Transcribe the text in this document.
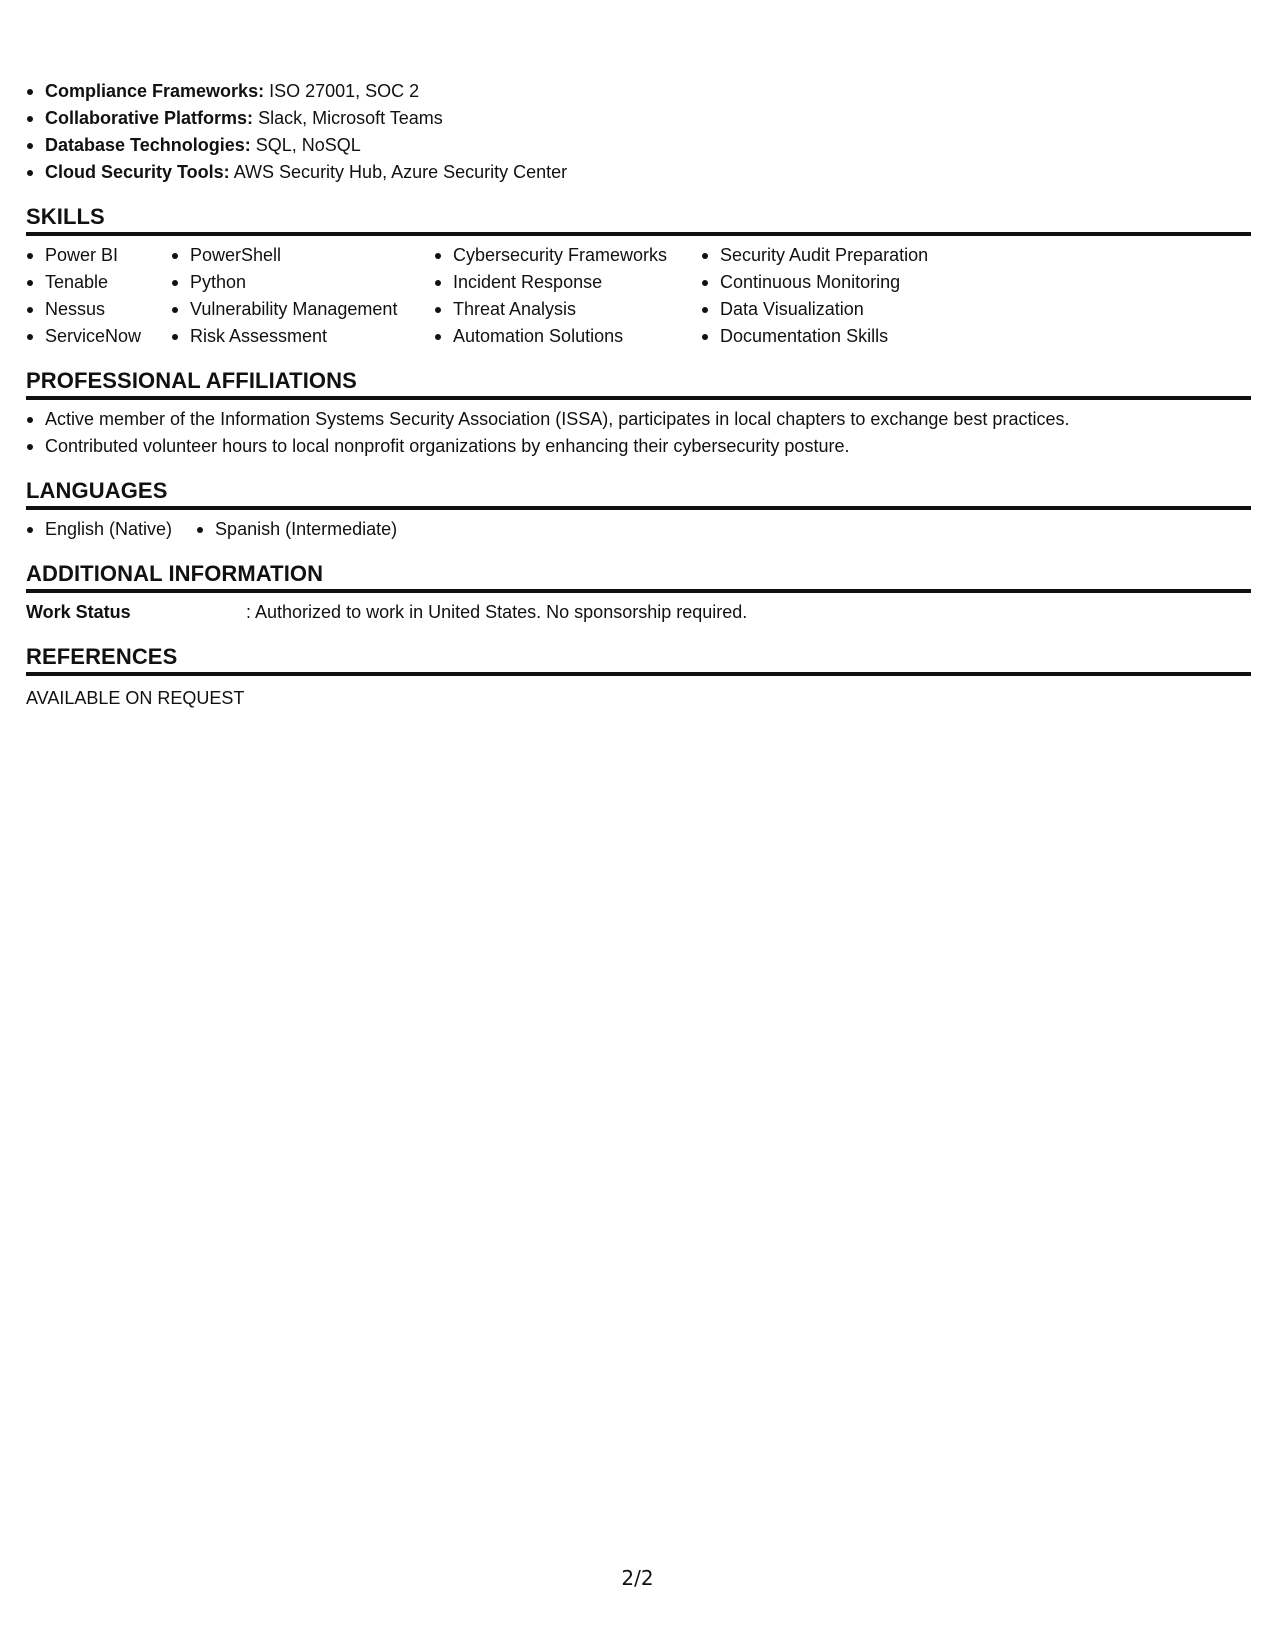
Compliance Frameworks: ISO 27001, SOC 2
Collaborative Platforms: Slack, Microsoft Teams
Database Technologies: SQL, NoSQL
Cloud Security Tools: AWS Security Hub, Azure Security Center
SKILLS
Power BI
Tenable
Nessus
ServiceNow
PowerShell
Python
Vulnerability Management
Risk Assessment
Cybersecurity Frameworks
Incident Response
Threat Analysis
Automation Solutions
Security Audit Preparation
Continuous Monitoring
Data Visualization
Documentation Skills
PROFESSIONAL AFFILIATIONS
Active member of the Information Systems Security Association (ISSA), participates in local chapters to exchange best practices.
Contributed volunteer hours to local nonprofit organizations by enhancing their cybersecurity posture.
LANGUAGES
English (Native)	Spanish (Intermediate)
ADDITIONAL INFORMATION
Work Status	: Authorized to work in United States. No sponsorship required.
REFERENCES
AVAILABLE ON REQUEST
2/2
